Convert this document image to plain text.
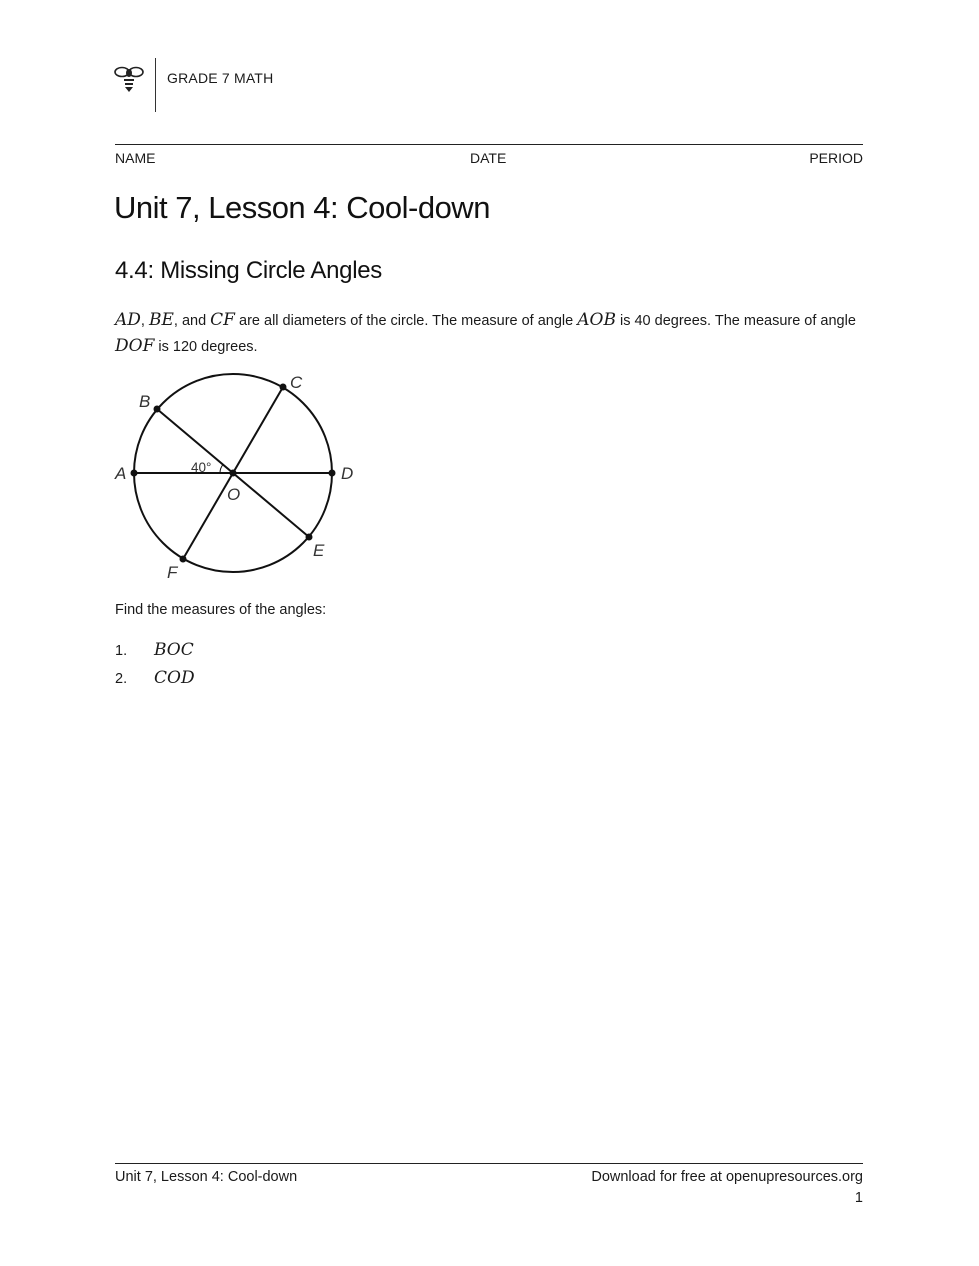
GRADE 7 MATH
NAME	DATE	PERIOD
Unit 7, Lesson 4: Cool-down
4.4: Missing Circle Angles

AD, BE, and CF are all diameters of the circle. The measure of angle AOB is 40 degrees. The measure of angle DOF is 120 degrees.

A
B
C
D
E
F
O
40°

Find the measures of the angles:

1. BOC
2. COD
Unit 7, Lesson 4: Cool-down	Download for free at openupresources.org
1
